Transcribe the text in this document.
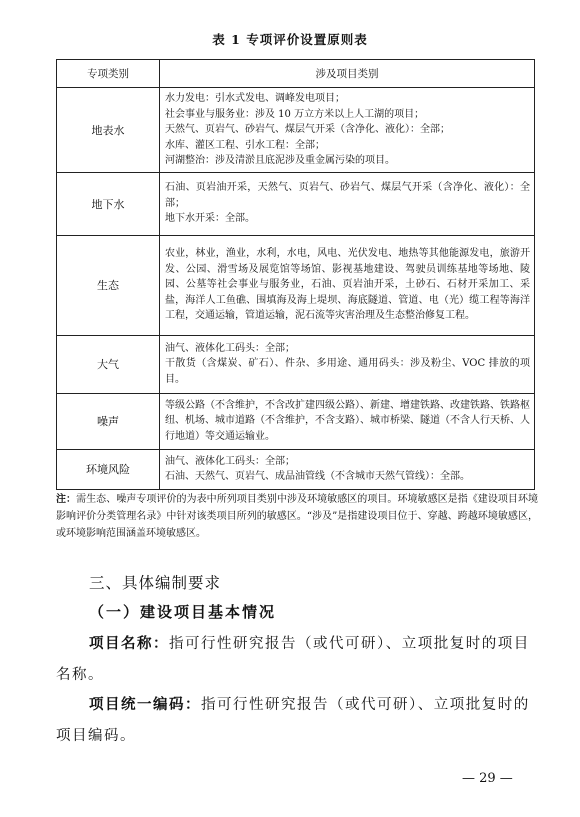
表 1 专项评价设置原则表
专项类别	涉及项目类别
地表水	水力发电：引水式发电、调峰发电项目；
社会事业与服务业：涉及 10 万立方米以上人工湖的项目；
天然气、页岩气、砂岩气、煤层气开采（含净化、液化）：全部；
水库、灌区工程、引水工程：全部；
河湖整治：涉及清淤且底泥涉及重金属污染的项目。

地下水	石油、页岩油开采，天然气、页岩气、砂岩气、煤层气开采（含净化、液化）：全部；
地下水开采：全部。

生态	农业，林业，渔业，水利，水电，风电、光伏发电、地热等其他能源发电，旅游开发、公园、滑雪场及展览馆等场馆、影视基地建设、驾驶员训练基地等场地、陵园、公墓等社会事业与服务业，石油、页岩油开采，土砂石、石材开采加工、采盐，海洋人工鱼礁、围填海及海上堤坝、海底隧道、管道、电（光）缆工程等海洋工程，交通运输，管道运输，泥石流等灾害治理及生态整治修复工程。

大气	油气、液体化工码头：全部；
干散货（含煤炭、矿石）、件杂、多用途、通用码头：涉及粉尘、VOC 排放的项目。

噪声	等级公路（不含维护，不含改扩建四级公路）、新建、增建铁路、改建铁路、铁路枢纽、机场、城市道路（不含维护，不含支路）、城市桥梁、隧道（不含人行天桥、人行地道）等交通运输业。

环境风险	油气、液体化工码头：全部；
石油、天然气、页岩气、成品油管线（不含城市天然气管线）：全部。
注：需生态、噪声专项评价的为表中所列项目类别中涉及环境敏感区的项目。环境敏感区是指《建设项目环境影响评价分类管理名录》中针对该类项目所列的敏感区。“涉及”是指建设项目位于、穿越、跨越环境敏感区，或环境影响范围涵盖环境敏感区。
三、具体编制要求
（一）建设项目基本情况
项目名称：指可行性研究报告（或代可研）、立项批复时的项目名称。
项目统一编码：指可行性研究报告（或代可研）、立项批复时的项目编码。
— 29 —
